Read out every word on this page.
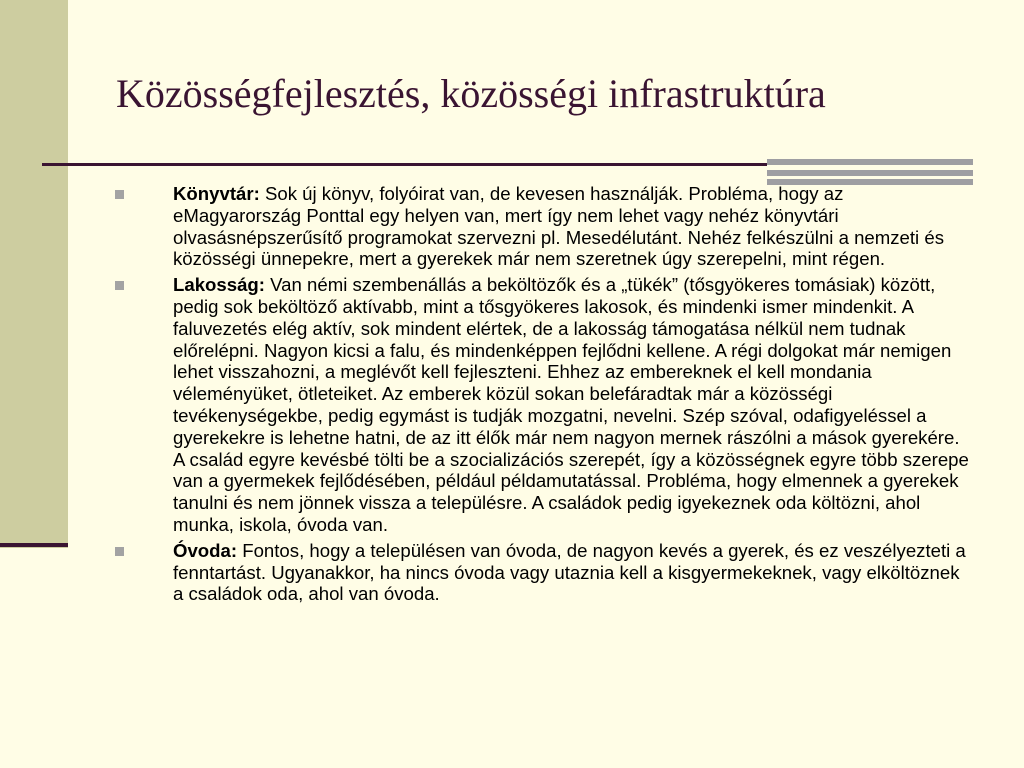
Közösségfejlesztés, közösségi infrastruktúra
Könyvtár: Sok új könyv, folyóirat van, de kevesen használják. Probléma, hogy az eMagyarország Ponttal egy helyen van, mert így nem lehet vagy nehéz könyvtári olvasásnépszerűsítő programokat szervezni pl. Mesedélutánt. Nehéz felkészülni a nemzeti és közösségi ünnepekre, mert a gyerekek már nem szeretnek úgy szerepelni, mint régen.
Lakosság: Van némi szembenállás a beköltözők és a „tükék” (tősgyökeres tomásiak) között, pedig sok beköltöző aktívabb, mint a tősgyökeres lakosok, és mindenki ismer mindenkit. A faluvezetés elég aktív, sok mindent elértek, de a lakosság támogatása nélkül nem tudnak előrelépni. Nagyon kicsi a falu, és mindenképpen fejlődni kellene. A régi dolgokat már nemigen lehet visszahozni, a meglévőt kell fejleszteni. Ehhez az embereknek el kell mondania véleményüket, ötleteiket. Az emberek közül sokan belefáradtak már a közösségi tevékenységekbe, pedig egymást is tudják mozgatni, nevelni. Szép szóval, odafigyeléssel a gyerekekre is lehetne hatni, de az itt élők már nem nagyon mernek rászólni a mások gyerekére. A család egyre kevésbé tölti be a szocializációs szerepét, így a közösségnek egyre több szerepe van a gyermekek fejlődésében, például példamutatással. Probléma, hogy elmennek a gyerekek tanulni és nem jönnek vissza a településre. A családok pedig igyekeznek oda költözni, ahol munka, iskola, óvoda van.
Óvoda: Fontos, hogy a településen van óvoda, de nagyon kevés a gyerek, és ez veszélyezteti a fenntartást. Ugyanakkor, ha nincs óvoda vagy utaznia kell a kisgyermekeknek, vagy elköltöznek a családok oda, ahol van óvoda.
